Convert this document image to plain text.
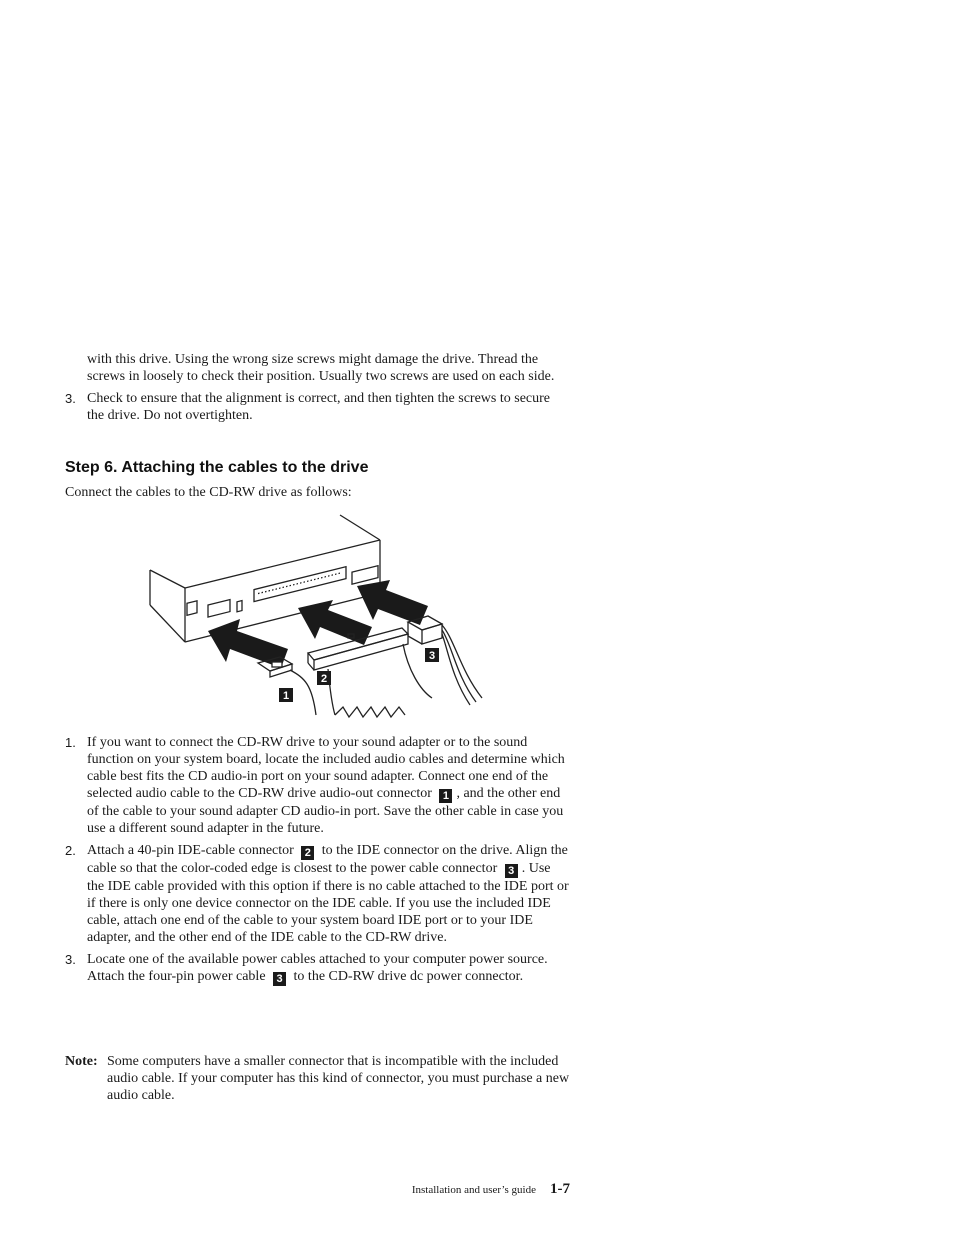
with this drive. Using the wrong size screws might damage the drive. Thread the screws in loosely to check their position. Usually two screws are used on each side.
3. Check to ensure that the alignment is correct, and then tighten the screws to secure the drive. Do not overtighten.
Step 6. Attaching the cables to the drive
Connect the cables to the CD-RW drive as follows:
1
2
3
1. If you want to connect the CD-RW drive to your sound adapter or to the sound function on your system board, locate the included audio cables and determine which cable best fits the CD audio-in port on your sound adapter. Connect one end of the selected audio cable to the CD-RW drive audio-out connector 1 , and the other end of the cable to your sound adapter CD audio-in port. Save the other cable in case you use a different sound adapter in the future.
2. Attach a 40-pin IDE-cable connector 2 to the IDE connector on the drive. Align the cable so that the color-coded edge is closest to the power cable connector 3 . Use the IDE cable provided with this option if there is no cable attached to the IDE port or if there is only one device connector on the IDE cable. If you use the included IDE cable, attach one end of the cable to your system board IDE port or to your IDE adapter, and the other end of the IDE cable to the CD-RW drive.
3. Locate one of the available power cables attached to your computer power source. Attach the four-pin power cable 3 to the CD-RW drive dc power connector.
Note: Some computers have a smaller connector that is incompatible with the included audio cable. If your computer has this kind of connector, you must purchase a new audio cable.
Installation and user’s guide 1-7
